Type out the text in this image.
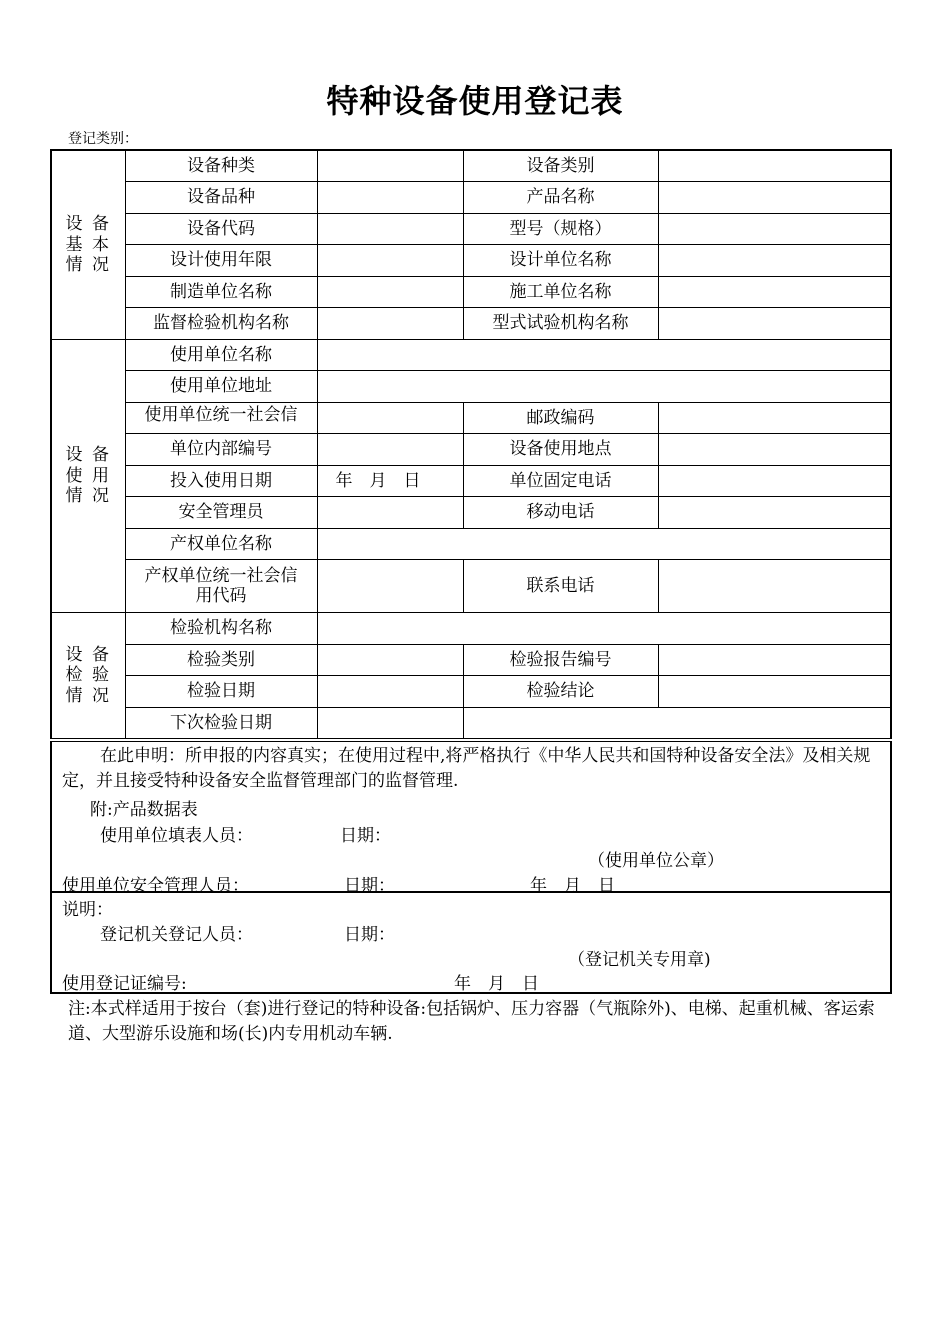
特种设备使用登记表
登记类别：
设 备
基 本
情 况	设备种类		设备类别	
	设备品种		产品名称	
	设备代码		型号（规格）	
	设计使用年限		设计单位名称	
	制造单位名称		施工单位名称	
	监督检验机构名称		型式试验机构名称	

设 备
使 用
情 况	使用单位名称			
	使用单位地址			
	使用单位统一社会信		邮政编码	
	单位内部编号		设备使用地点	
	投入使用日期	年　月　日	单位固定电话	
	安全管理员		移动电话	
	产权单位名称			

	产权单位统一社会信
用代码		联系电话	

设 备
检 验
情 况	检验机构名称			
	检验类别		检验报告编号	
	检验日期		检验结论	
	下次检验日期			
在此申明：所申报的内容真实；在使用过程中,将严格执行《中华人民共和国特种设备安全法》及相关规定，并且接受特种设备安全监督管理部门的监督管理.
附:产品数据表
使用单位填表人员：	日期：
（使用单位公章）
使用单位安全管理人员：	日期：	年　月　日
说明：
登记机关登记人员：	日期：
（登记机关专用章)
使用登记证编号:	年　月　日
注:本式样适用于按台（套)进行登记的特种设备:包括锅炉、压力容器（气瓶除外)、电梯、起重机械、客运索道、大型游乐设施和场(长)内专用机动车辆.
